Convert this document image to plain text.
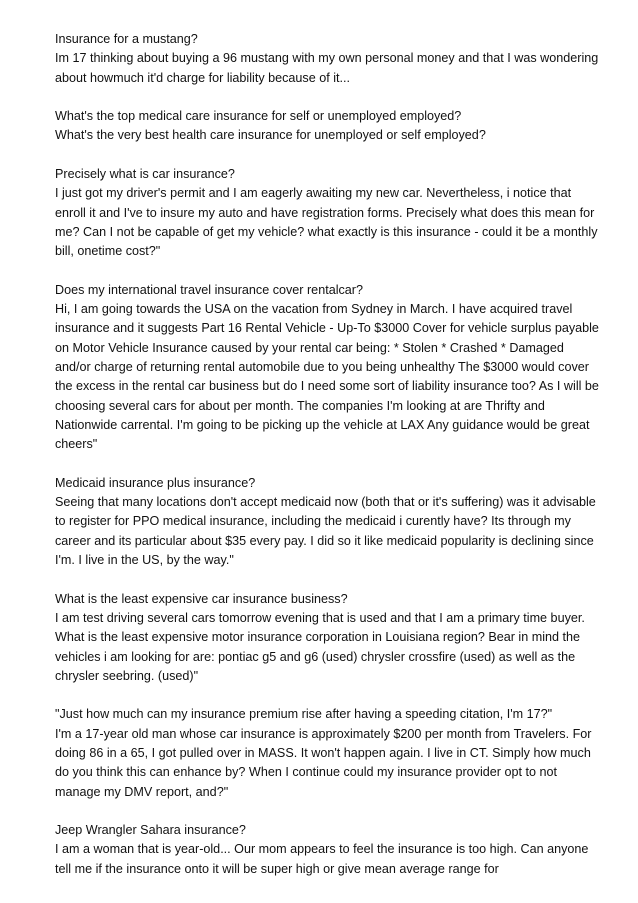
Insurance for a mustang?

Im 17 thinking about buying a 96 mustang with my own personal money and that I was wondering about howmuch it'd charge for liability because of it...

What's the top medical care insurance for self or unemployed employed?

What's the very best health care insurance for unemployed or self employed?

Precisely what is car insurance?

I just got my driver's permit and I am eagerly awaiting my new car. Nevertheless, i notice that enroll it and I've to insure my auto and have registration forms. Precisely what does this mean for me? Can I not be capable of get my vehicle? what exactly is this insurance - could it be a monthly bill, onetime cost?"

Does my international travel insurance cover rentalcar?

Hi, I am going towards the USA on the vacation from Sydney in March. I have acquired travel insurance and it suggests Part 16 Rental Vehicle - Up-To $3000 Cover for vehicle surplus payable on Motor Vehicle Insurance caused by your rental car being: * Stolen * Crashed * Damaged and/or charge of returning rental automobile due to you being unhealthy The $3000 would cover the excess in the rental car business but do I need some sort of liability insurance too? As I will be choosing several cars for about per month. The companies I'm looking at are Thrifty and Nationwide carrental. I'm going to be picking up the vehicle at LAX Any guidance would be great cheers"

Medicaid insurance plus insurance?

Seeing that many locations don't accept medicaid now (both that or it's suffering) was it advisable to register for PPO medical insurance, including the medicaid i curently have? Its through my career and its particular about $35 every pay. I did so it like medicaid popularity is declining since I'm. I live in the US, by the way."

What is the least expensive car insurance business?

I am test driving several cars tomorrow evening that is used and that I am a primary time buyer. What is the least expensive motor insurance corporation in Louisiana region? Bear in mind the vehicles i am looking for are: pontiac g5 and g6 (used) chrysler crossfire (used) as well as the chrysler seebring. (used)"

"Just how much can my insurance premium rise after having a speeding citation, I'm 17?"

I'm a 17-year old man whose car insurance is approximately $200 per month from Travelers. For doing 86 in a 65, I got pulled over in MASS. It won't happen again. I live in CT. Simply how much do you think this can enhance by? When I continue could my insurance provider opt to not manage my DMV report, and?"

Jeep Wrangler Sahara insurance?

I am a woman that is year-old... Our mom appears to feel the insurance is too high. Can anyone tell me if the insurance onto it will be super high or give mean average range for
